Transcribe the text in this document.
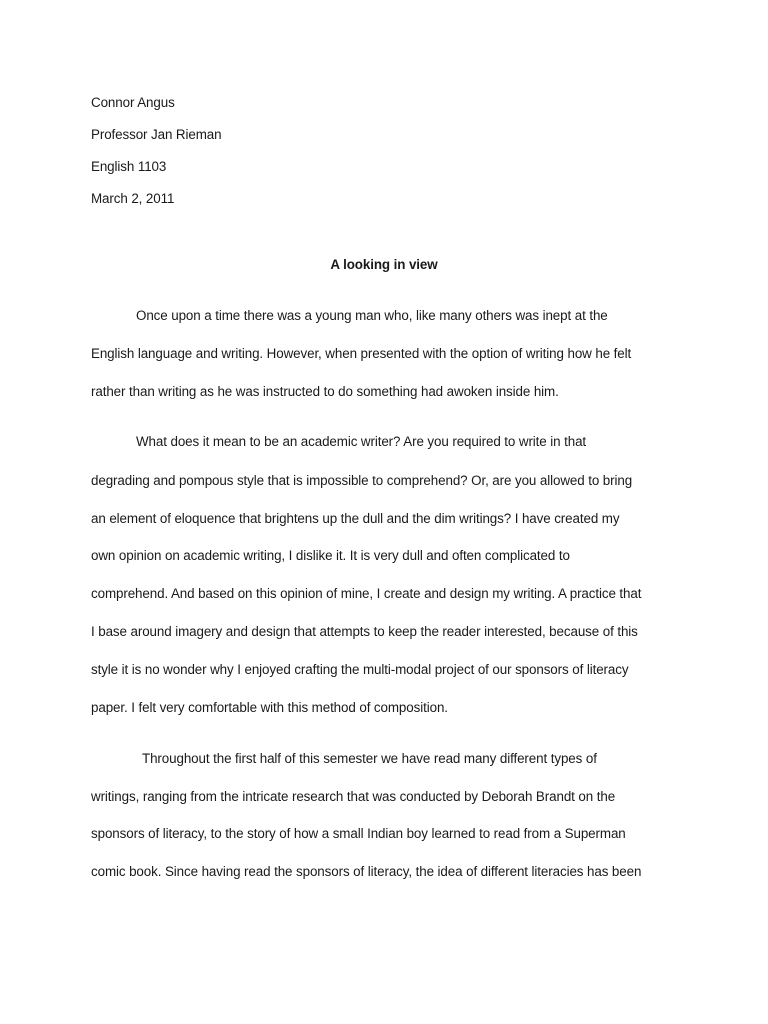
Connor Angus

Professor Jan Rieman

English 1103

March 2, 2011

A looking in view

Once upon a time there was a young man who, like many others was inept at the

English language and writing. However, when presented with the option of writing how he felt

rather than writing as he was instructed to do something had awoken inside him.

What does it mean to be an academic writer? Are you required to write in that

degrading and pompous style that is impossible to comprehend? Or, are you allowed to bring

an element of eloquence that brightens up the dull and the dim writings? I have created my

own opinion on academic writing, I dislike it. It is very dull and often complicated to

comprehend. And based on this opinion of mine, I create and design my writing. A practice that

I base around imagery and design that attempts to keep the reader interested, because of this

style it is no wonder why I enjoyed crafting the multi-modal project of our sponsors of literacy

paper. I felt very comfortable with this method of composition.

Throughout the first half of this semester we have read many different types of

writings, ranging from the intricate research that was conducted by Deborah Brandt on the

sponsors of literacy, to the story of how a small Indian boy learned to read from a Superman

comic book. Since having read the sponsors of literacy, the idea of different literacies has been
